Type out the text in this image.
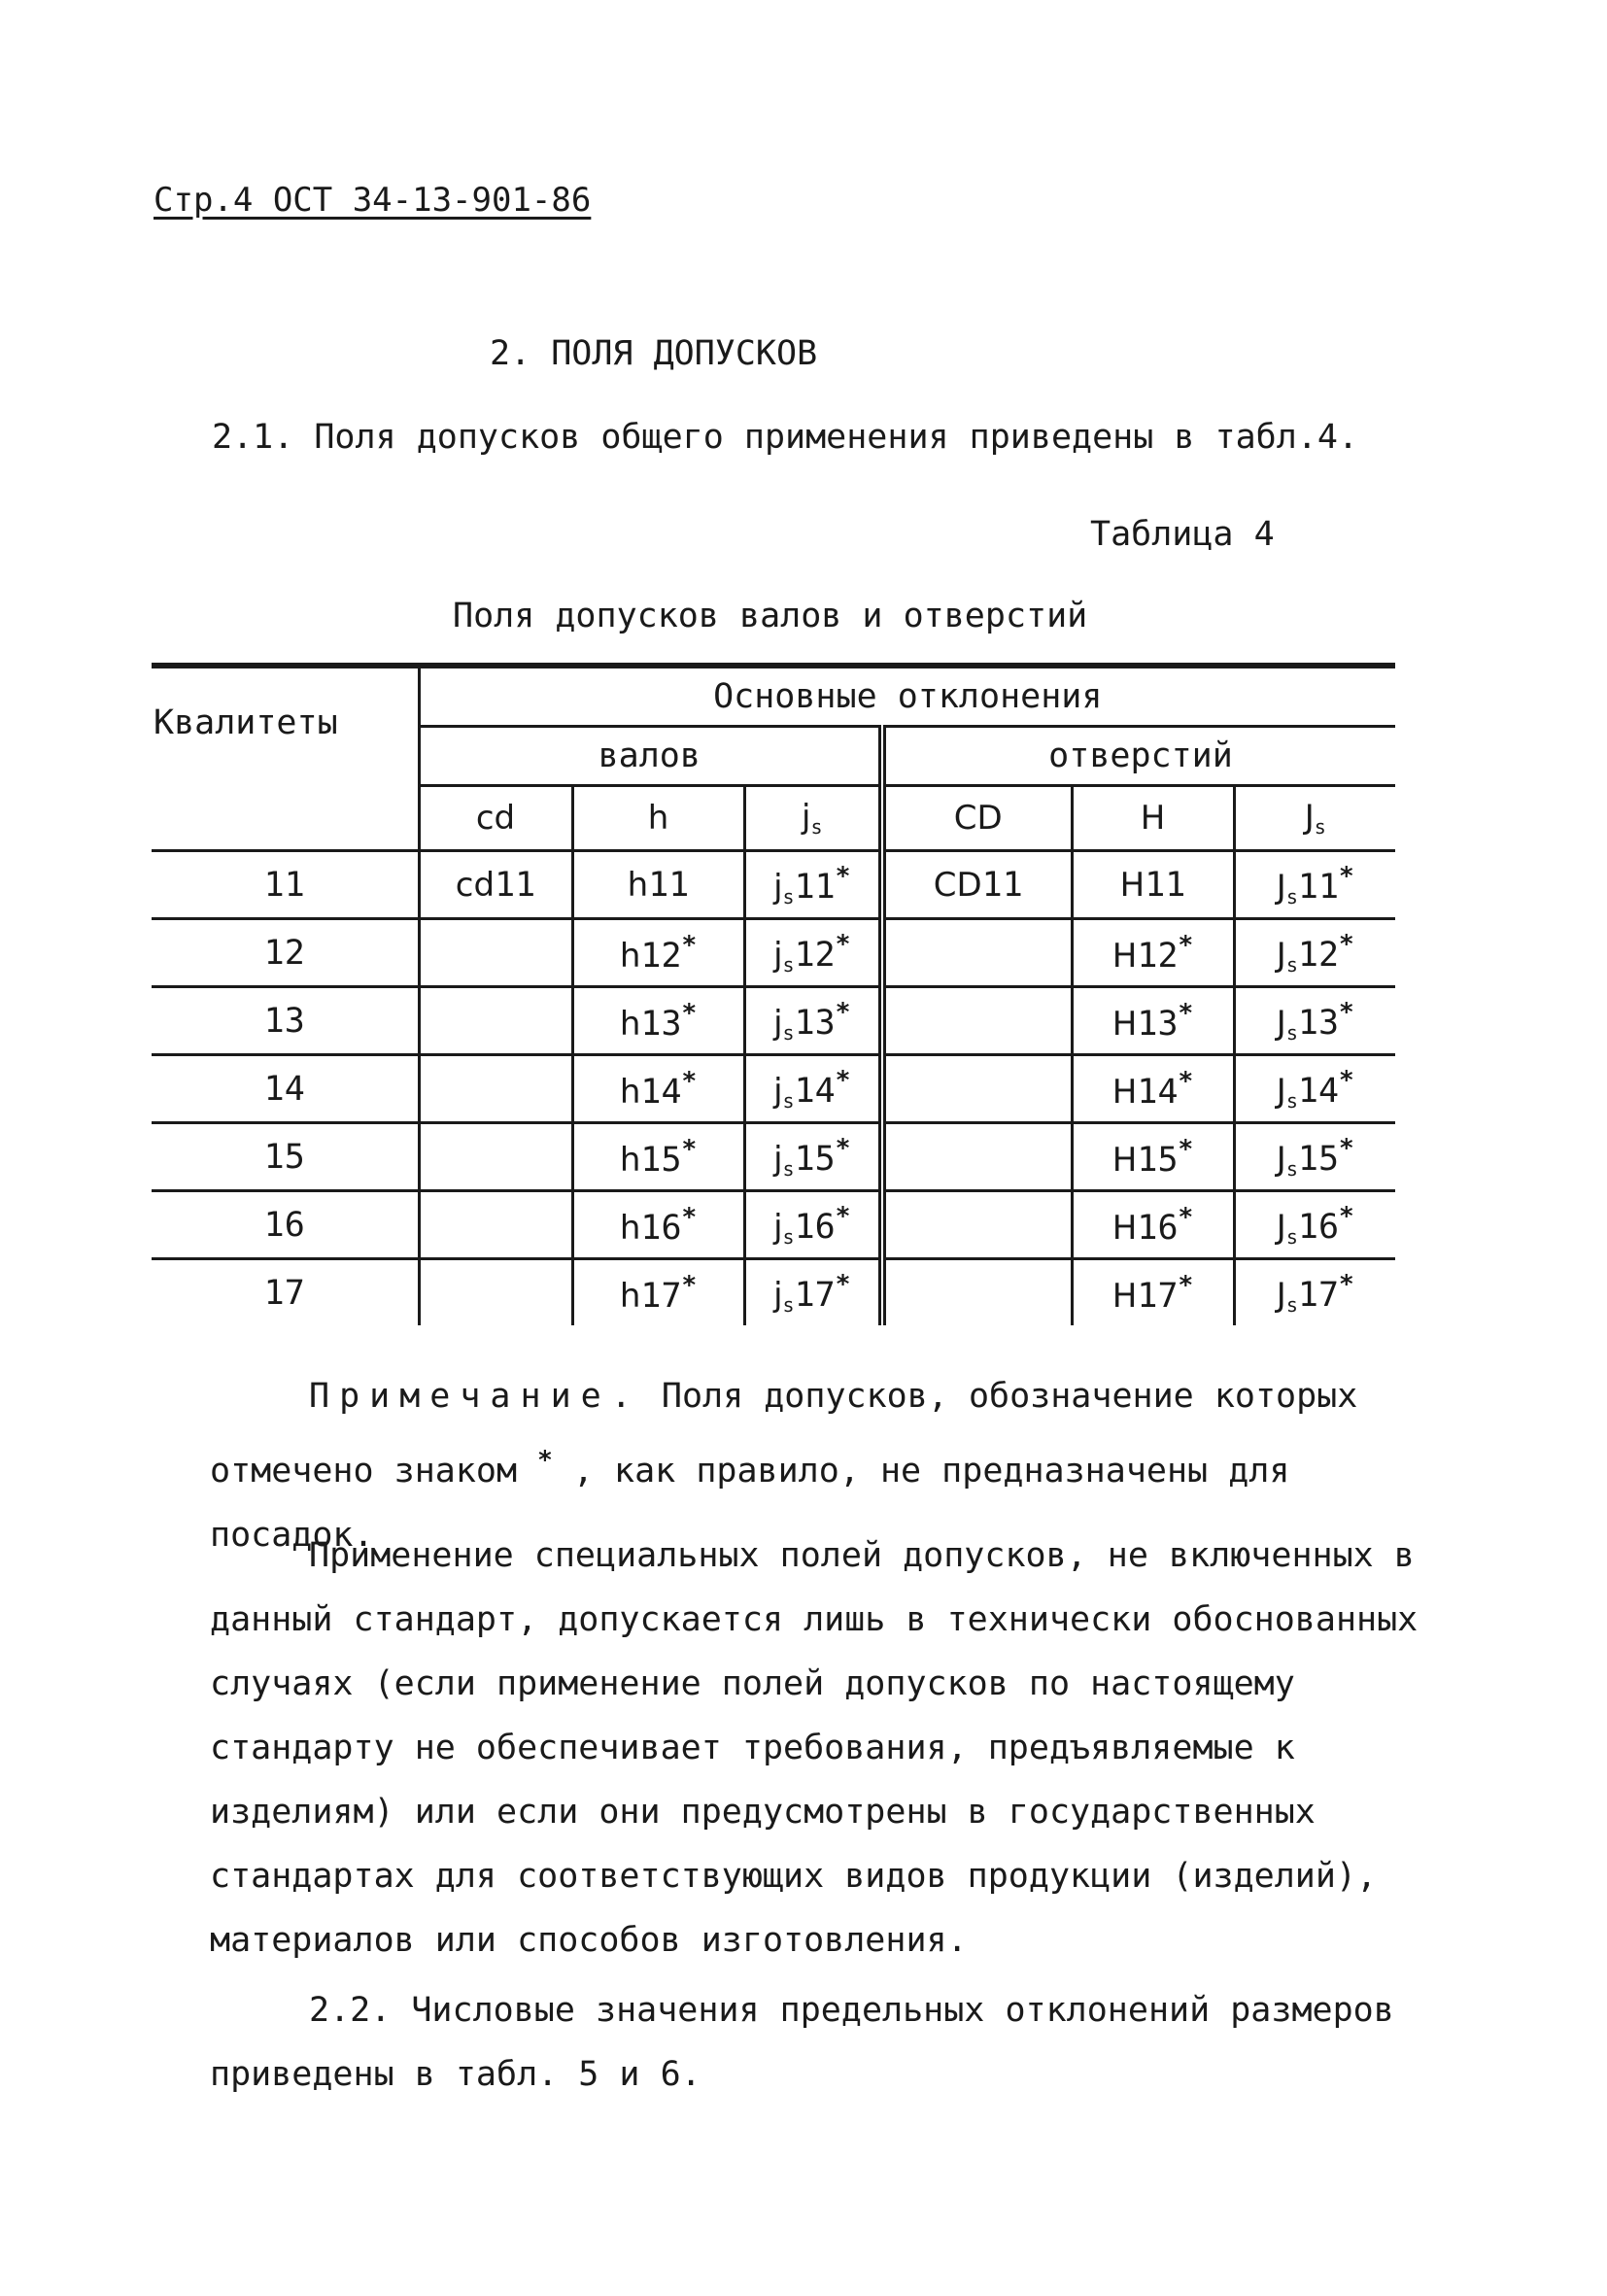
Стр.4 ОСТ 34-13-901-86
2. ПОЛЯ ДОПУСКОВ
2.1. Поля допусков общего применения приведены в табл.4.
Таблица 4
Поля допусков валов и отверстий

Квалитеты	Основные отклонения					
	валов			отверстий		
	cd	h	$j_s$	CD	H	$J_s$
11	cd11	h11	$j_s11^*$	CD11	H11	$J_s11^*$
12		h12*	$j_s12^*$		H12*	$J_s12^*$
13		h13*	$j_s13^*$		H13*	$J_s13^*$
14		h14*	$j_s14^*$		H14*	$J_s14^*$
15		h15*	$j_s15^*$		H15*	$J_s15^*$
16		h16*	$j_s16^*$		H16*	$J_s16^*$
17		h17*	$j_s17^*$		H17*	$J_s17^*$
Примечание. Поля допусков, обозначение которых отмечено знаком * , как правило, не предназначены для посадок.
Применение специальных полей допусков, не включенных в данный стандарт, допускается лишь в технически обоснованных случаях (если применение полей допусков по настоящему стандарту не обеспечивает требования, предъявляемые к изделиям) или если они предусмотрены в государственных стандартах для соответствующих видов продукции (изделий), материалов или способов изготовления.
2.2. Числовые значения предельных отклонений размеров приведены в табл. 5 и 6.
